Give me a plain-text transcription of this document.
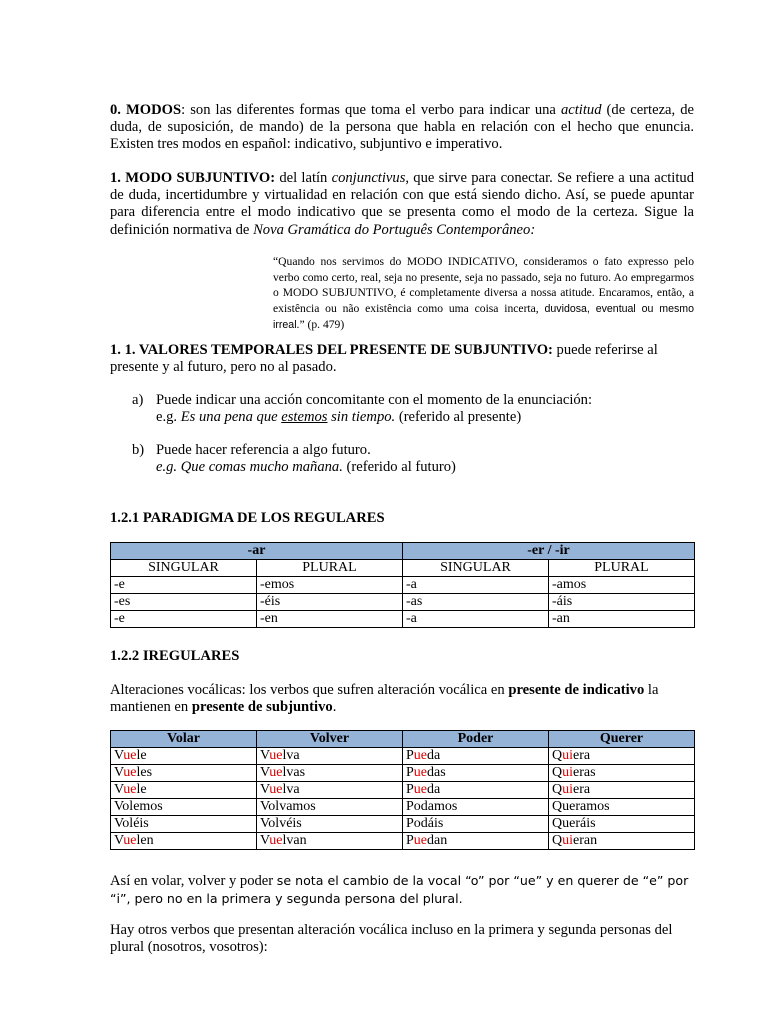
0. MODOS: son las diferentes formas que toma el verbo para indicar una actitud (de certeza, de duda, de suposición, de mando) de la persona que habla en relación con el hecho que enuncia. Existen tres modos en español: indicativo, subjuntivo e imperativo.

1. MODO SUBJUNTIVO: del latín conjunctivus, que sirve para conectar. Se refiere a una actitud de duda, incertidumbre y virtualidad en relación con que está siendo dicho. Así, se puede apuntar para diferencia entre el modo indicativo que se presenta como el modo de la certeza. Sigue la definición normativa de Nova Gramática do Português Contemporâneo:

“Quando nos servimos do MODO INDICATIVO, consideramos o fato expresso pelo verbo como certo, real, seja no presente, seja no passado, seja no futuro. Ao empregarmos o MODO SUBJUNTIVO, é completamente diversa a nossa atitude. Encaramos, então, a existência ou não existência como uma coisa incerta, duvidosa, eventual ou mesmo irreal.” (p. 479)

1. 1. VALORES TEMPORALES DEL PRESENTE DE SUBJUNTIVO: puede referirse al presente y al futuro, pero no al pasado.

a) Puede indicar una acción concomitante con el momento de la enunciación:
e.g. Es una pena que estemos sin tiempo. (referido al presente)
b) Puede hacer referencia a algo futuro.
e.g. Que comas mucho mañana. (referido al futuro)

1.2.1 PARADIGMA DE LOS REGULARES

-ar		-er / -ir	
SINGULAR	PLURAL	SINGULAR	PLURAL
-e	-emos	-a	-amos
-es	-éis	-as	-áis
-e	-en	-a	-an

1.2.2 IREGULARES

Alteraciones vocálicas: los verbos que sufren alteración vocálica en presente de indicativo la mantienen en presente de subjuntivo.

Volar	Volver	Poder	Querer
Vuele	Vuelva	Pueda	Quiera
Vueles	Vuelvas	Puedas	Quieras
Vuele	Vuelva	Pueda	Quiera
Volemos	Volvamos	Podamos	Queramos
Voléis	Volvéis	Podáis	Queráis
Vuelen	Vuelvan	Puedan	Quieran

Así en volar, volver y poder se nota el cambio de la vocal “o” por “ue” y en querer de “e” por “i”, pero no en la primera y segunda persona del plural.

Hay otros verbos que presentan alteración vocálica incluso en la primera y segunda personas del plural (nosotros, vosotros):
